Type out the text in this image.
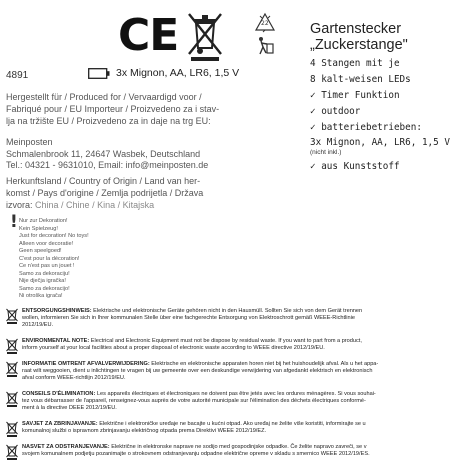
CE	22
4891	3x Mignon, AA, LR6, 1,5 V
Hergestellt für / Produced for / Vervaardigd voor /
Fabriqué pour / EU Importeur / Proizvedeno za i stav-
lja na tržište EU / Proizvedeno za in daje na trg EU:
Meinposten
Schmalenbrook 11, 24647 Wasbek, Deutschland
Tel.: 04321 - 9631010, Email: info@meinposten.de
Herkunftsland / Country of Origin / Land van her-
komst / Pays d'origine / Zemlja podrijetla / Država
izvora: China / Chine / Kina / Kitajska
! Nur zur Dekoration!
Kein Spielzeug!
Just for decoration! No toys!
Alleen voor decoratie!
Geen speelgoed!
C'est pour la décoration!
Ce n'est pas un jouet !
Samo za dekoraciju!
Nije dječja igračka!
Samo za dekoracijo!
Ni otroška igrača!
Gartenstecker
„Zuckerstange"
4 Stangen mit je
8 kalt-weisen LEDs
✓ Timer Funktion
✓ outdoor
✓ batteriebetrieben:
3x Mignon, AA, LR6, 1,5 V
(nicht inkl.)
✓ aus Kunststoff
ENTSORGUNGSHINWEIS: Elektrische und elektronische Geräte gehören nicht in den Hausmüll. Sollten Sie sich von dem Gerät trennen
wollen, informieren Sie sich in Ihrer kommunalen Stelle über eine fachgerechte Entsorgung von Elektroschrott gemäß WEEE-Richtlinie
2012/19/EU.
ENVIRONMENTAL NOTE: Electrical and Electronic Equipment must not be dispose by residual waste. If you want to part from a product,
inform yourself at your local facilities about a proper disposal of electronic waste according to WEEE directive 2012/19/EU.
INFORMATIE OMTRENT AFVALVERWIJDERING: Elektrische en elektronische apparaten horen niet bij het huishoudelijk afval. Als u het appa-
raat wilt weggooien, dient u inlichtingen te vragen bij uw gemeente over een deskundige verwijdering van afgedankt elektrisch en elektronisch
afval conform WEEE-richtlijn 2012/19/EU.
CONSEILS D'ÉLIMINATION: Les appareils électriques et électroniques ne doivent pas être jetés avec les ordures ménagères. Si vous souhai-
tez vous débarrasser de l'appareil, renseignez-vous auprès de votre autorité municipale sur l'élimination des déchets électriques conformé-
ment à la directive DEEE 2012/19/EU.
SAVJET ZA ZBRINJAVANJE: Električne i elektroničke uređaje ne bacajte u kućni otpad. Ako uređaj ne želite više koristiti, informirajte se u
komunalnoj službi o ispravnom zbrinjavanju električnog otpada prema Direktivi WEEE 2012/19/EZ.
NASVET ZA ODSTRANJEVANJE: Električne in elektronske naprave ne sodijo med gospodinjske odpadke. Če želite napravo zavreči, se v
svojem komunalnem podjetju pozanimajte o strokovnem odstranjevanju odpadne električne opreme v skladu s smernico WEEE 2012/19/ES.
